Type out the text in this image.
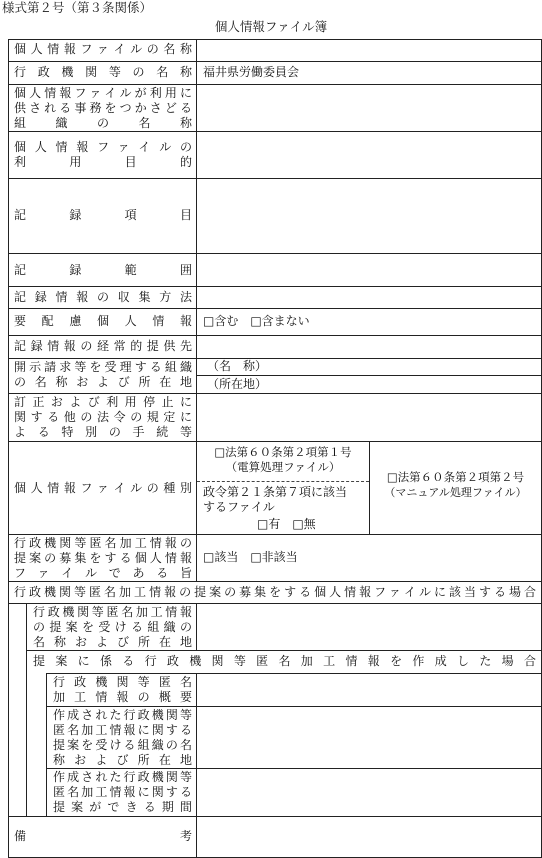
様式第２号（第３条関係）
個人情報ファイル簿
個人情報ファイルの名称
行政機関等の名称 福井県労働委員会
個人情報ファイルが利用に
供される事務をつかさどる
組織の名称
個人情報ファイルの
利用目的
記録項目
記録範囲
記録情報の収集方法
要配慮個人情報 □含む　□含まない
記録情報の経常的提供先
開示請求等を受理する組織
の名称および所在地
（名　称）
（所在地）
訂正および利用停止に
関する他の法令の規定に
よる特別の手続等
個人情報ファイルの種別
□法第６０条第２項第１号
（電算処理ファイル）
政令第２１条第７項に該当
するファイル
□有　□無
□法第６０条第２項第２号
（マニュアル処理ファイル）
行政機関等匿名加工情報の
提案の募集をする個人情報
ファイルである旨
□該当　□非該当
行政機関等匿名加工情報の提案の募集をする個人情報ファイルに該当する場合
行政機関等匿名加工情報
の提案を受ける組織の
名称および所在地
提案に係る行政機関等匿名加工情報を作成した場合
行政機関等匿名
加工情報の概要
作成された行政機関等
匿名加工情報に関する
提案を受ける組織の名
称および所在地
作成された行政機関等
匿名加工情報に関する
提案ができる期間
備考
